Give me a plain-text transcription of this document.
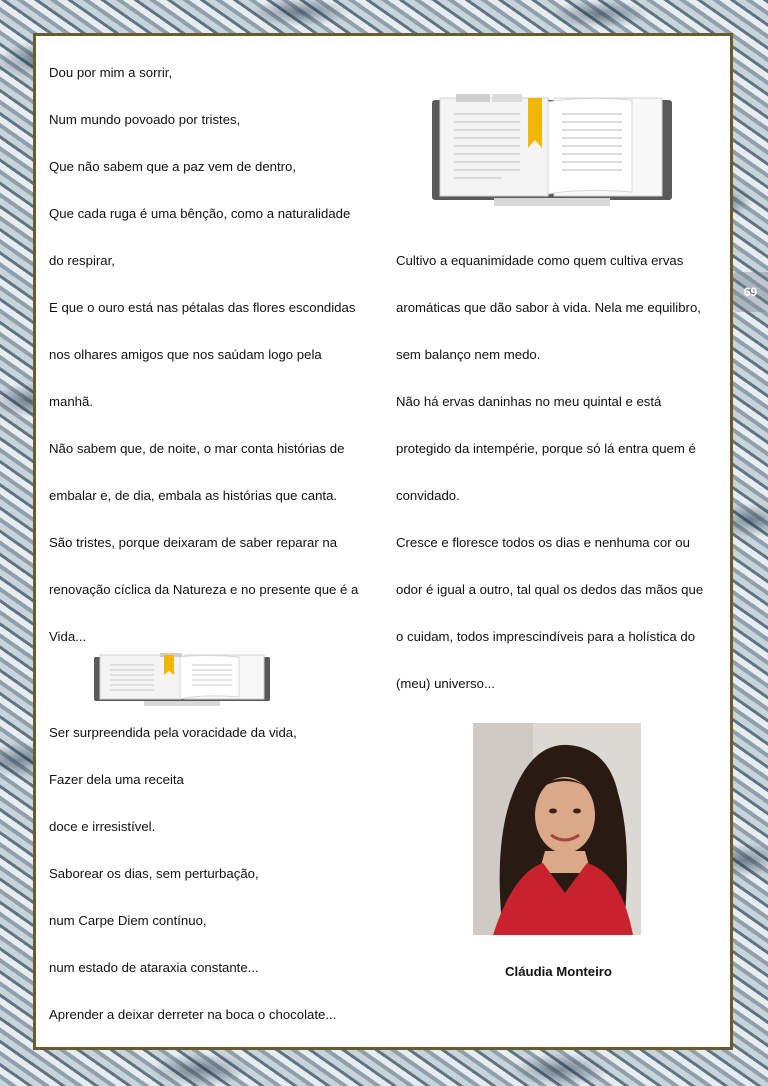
Dou por mim a sorrir,

Num mundo povoado por tristes,

Que não sabem que a paz vem de dentro,

Que cada ruga é uma bênção, como a naturalidade

do respirar,

E que o ouro está nas pétalas das flores escondidas

nos olhares amigos que nos saúdam logo pela

manhã.

Não sabem que, de noite, o mar conta histórias de

embalar e, de dia, embala as histórias que canta.

São tristes, porque deixaram de saber reparar na

renovação cíclica da Natureza e no presente que é a

Vida...

Ser surpreendida pela voracidade da vida,

Fazer dela uma receita

doce e irresistível.

Saborear os dias, sem perturbação,

num Carpe Diem contínuo,

num estado de ataraxia constante...

Aprender a deixar derreter na boca o chocolate...

Cultivo a equanimidade como quem cultiva ervas

aromáticas que dão sabor à vida. Nela me equilibro,

sem balanço nem medo.

Não há ervas daninhas no meu quintal e está

protegido da intempérie, porque só lá entra quem é

convidado.

Cresce e floresce todos os dias e nenhuma cor ou

odor é igual a outro, tal qual os dedos das mãos que

o cuidam, todos imprescindíveis para a holística do

(meu) universo...

Cláudia Monteiro
69
